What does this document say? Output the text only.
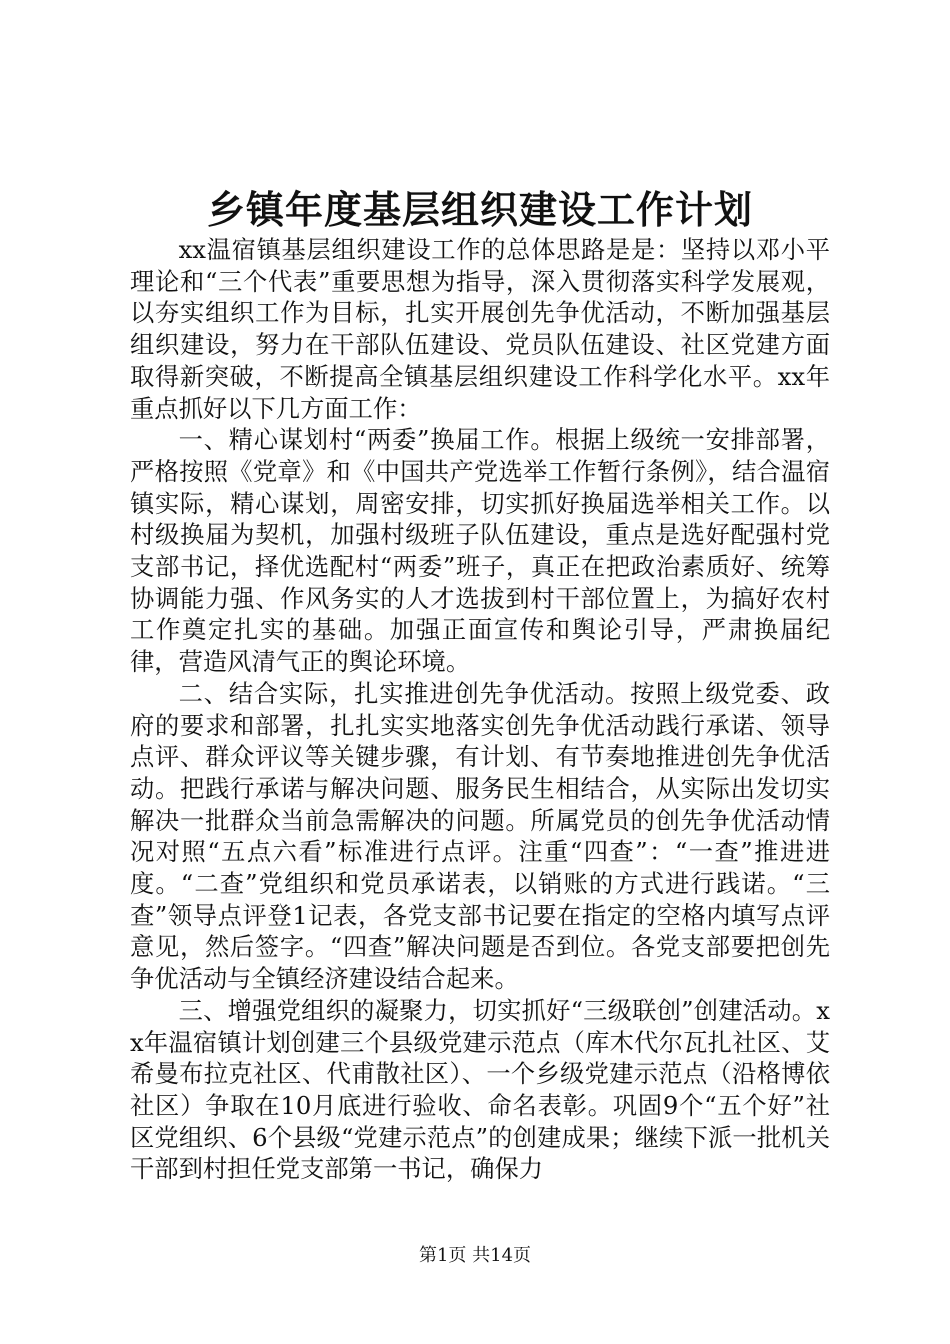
乡镇年度基层组织建设工作计划

xx温宿镇基层组织建设工作的总体思路是是：坚持以邓小平理论和“三个代表”重要思想为指导，深入贯彻落实科学发展观，以夯实组织工作为目标，扎实开展创先争优活动，不断加强基层组织建设，努力在干部队伍建设、党员队伍建设、社区党建方面取得新突破，不断提高全镇基层组织建设工作科学化水平。xx年重点抓好以下几方面工作：

一、精心谋划村“两委”换届工作。根据上级统一安排部署，严格按照《党章》和《中国共产党选举工作暂行条例》，结合温宿镇实际，精心谋划，周密安排，切实抓好换届选举相关工作。以村级换届为契机，加强村级班子队伍建设，重点是选好配强村党支部书记，择优选配村“两委”班子，真正在把政治素质好、统筹协调能力强、作风务实的人才选拔到村干部位置上，为搞好农村工作奠定扎实的基础。加强正面宣传和舆论引导，严肃换届纪律，营造风清气正的舆论环境。

二、结合实际，扎实推进创先争优活动。按照上级党委、政府的要求和部署，扎扎实实地落实创先争优活动践行承诺、领导点评、群众评议等关键步骤，有计划、有节奏地推进创先争优活动。把践行承诺与解决问题、服务民生相结合，从实际出发切实解决一批群众当前急需解决的问题。所属党员的创先争优活动情况对照“五点六看”标准进行点评。注重“四查”：“一查”推进进度。“二查”党组织和党员承诺表，以销账的方式进行践诺。“三查”领导点评登1记表，各党支部书记要在指定的空格内填写点评意见，然后签字。“四查”解决问题是否到位。各党支部要把创先争优活动与全镇经济建设结合起来。

三、增强党组织的凝聚力，切实抓好“三级联创”创建活动。xx年温宿镇计划创建三个县级党建示范点（库木代尔瓦扎社区、艾希曼布拉克社区、代甫散社区）、一个乡级党建示范点（沿格博依社区）争取在10月底进行验收、命名表彰。巩固9个“五个好”社区党组织、6个县级“党建示范点”的创建成果；继续下派一批机关干部到村担任党支部第一书记，确保力

第1页 共14页
